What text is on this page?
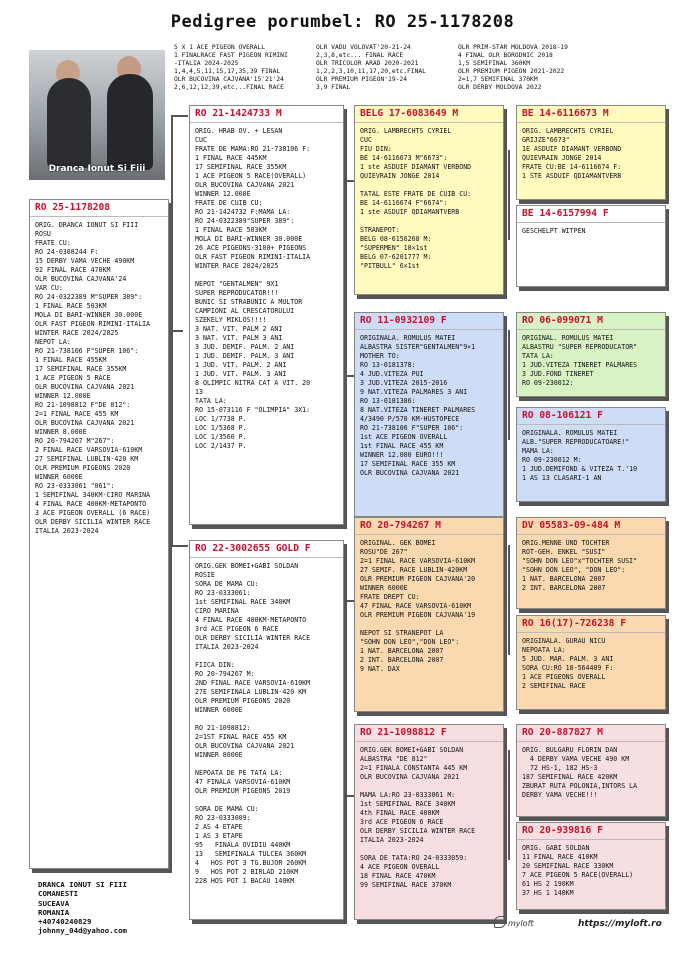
Pedigree porumbel: RO 25-1178208
Dranca Ionut Si Fiii
5 X 1 ACE PIGEON OVERALL
1 FINALRACE FAST PIGEON RIMINI
-ITALIA 2024-2025
1,4,4,5,11,15,17,35,39 FINAL
OLR BUCOVINA CAJVANA'15'21'24
2,6,12,12,39,etc...FINAL RACE
OLR VADU VOLOVAT'20-21-24
2,3,8,etc... FINAL RACE
OLR TRICOLOR ARAD 2020-2021
1,2,2,3,10,11,17,20,etc.FINAL
OLR PREMIUM PIGEON'19-24
3,9 FINAL
OLR PRIM-STAR MOLDOVA 2018-19
4 FINAL OLR BORODNIC 2018
1,5 SEMIFINAL 360KM
OLR PREMIUM PIGEON 2021-2022
2=1,7 SEMIFINAL 370KM
OLR DERBY MOLDOVA 2022
RO 25-1178208
ORIG. DRANCA IONUT SI FIII
ROSU
FRATE CU:
RO 24-0308244 F:
15 DERBY VAMA VECHE 490KM
92 FINAL RACE 470KM
OLR BUCOVINA CAJVANA'24
VAR CU:
RO 24-0322389 M"SUPER 389":
1 FINAL RACE 503KM
MOLA DI BARI-WINNER 30.000E
OLR FAST PIGEON RIMINI-ITALIA
WINTER RACE 2024/2025
NEPOT LA:
RO 21-738106 F"SUPER 106":
1 FINAL RACE 455KM
17 SEMIFINAL RACE 355KM
1 ACE PIGEON 5 RACE
OLR BUCOVINA CAJVANA 2021
WINNER 12.000E
RO 21-1098812 F"DE 812":
2=1 FINAL RACE 455 KM
OLR BUCOVINA CAJVANA 2021
WINNER 8.000E
RO 20-794267 M"267":
2 FINAL RACE VARSOVIA-610KM
27 SEMIFINAL LUBLIN-420 KM
OLR PREMIUM PIGEONS 2020
WINNER 6000E
RO 23-0333061 "061":
1 SEMIFINAL 340KM-CIRO MARINA
4 FINAL RACE 400KM-METAPONTO
3 ACE PIGEON OVERALL (6 RACE)
OLR DERBY SICILIA WINTER RACE
ITALIA 2023-2024
RO 21-1424733 M
ORIG. HRAB OV. + LESAN
CUC
FRATE DE MAMA:RO 21-738106 F:
1 FINAL RACE 445KM
17 SEMIFINAL RACE 355KM
1 ACE PIGEON 5 RACE(OVERALL)
OLR BUCOVINA CAJVANA 2021
WINNER 12.000E
FRATE DE CUIB CU:
RO 21-1424732 F:MAMA LA:
RO 24-0322389"SUPER 389":
1 FINAL RACE 503KM
MOLA DI BARI-WINNER 30.000E
26 ACE PIGEONS-3100+ PIGEONS
OLR FAST PIGEON RIMINI-ITALIA
WINTER RACE 2024/2025

NEPOT "GENTALMEN" 9X1
SUPER REPRODUCATOR!!!
BUNIC SI STRABUNIC A MULTOR
CAMPIONI AL CRESCATORULUI
SZEKELY MIKLOS!!!!
3 NAT. VIT. PALM 2 ANI
3 NAT. VIT. PALM 3 ANI
3 JUD. DEMIF. PALM. 2 ANI
1 JUD. DEMIF. PALM. 3 ANI
1 JUD. VIT. PALM. 2 ANI
1 JUD. VIT. PALM. 3 ANI
8 OLIMPIC NITRA CAT A VIT. 20
13
TATA LA:
RO 15-073116 F "OLIMPIA" 3X1:
LOC 1/7738 P.
LOC 1/5368 P.
LOC 1/3560 P.
LOC 2/1437 P.
RO 22-3002655 GOLD F
ORIG.GEK BOMEI+GABI SOLDAN
ROSIE
SORA DE MAMA CU:
RO 23-0333061:
1st SEMIFINAL RACE 340KM
CIRO MARINA
4 FINAL RACE 400KM-METAPONTO
3rd ACE PIGEON 6 RACE
OLR DERBY SICILIA WINTER RACE
ITALIA 2023-2024

FIICA DIN:
RO 20-794267 M:
2ND FINAL RACE VARSOVIA-610KM
27E SEMIFINALA LUBLIN-420 KM
OLR PREMIUM PIGEONS 2020
WINNER 6000E

RO 21-1098812:
2=1ST FINAL RACE 455 KM
OLR BUCOVINA CAJVANA 2021
WINNER 8000E

NEPOATA DE PE TATA LA:
47 FINALA VARSOVIA-610KM
OLR PREMIUM PIGEONS 2019

SORA DE MAMA CU:
RO 23-0333009:
2 AS 4 ETAPE
1 AS 3 ETAPE
95   FINALA OVIDIU 440KM
13   SEMIFINALA TULCEA 360KM
4   HOS POT 3 TG.BUJOR 260KM
9   HOS POT 2 BIRLAD 210KM
228 HOS POT 1 BACAU 140KM
BELG 17-6083649 M
ORIG. LAMBRECHTS CYRIEL
CUC
FIU DIN:
BE 14-6116673 M"6673":
1 ste ASDUIF DIAMANT VERBOND
QUIEVRAIN JONGE 2014

TATAL ESTE FRATE DE CUIB CU:
BE 14-6116674 F"6674":
1 ste ASDUIF QDIAMANTVERB

STRANEPOT:
BELG 08-6156268 M:
"SUPERMEN" 18×1st
BELG 07-6201777 M:
"PITBULL" 6×1st
RO 11-0932109 F
ORIGINALA. ROMULUS MATEI
ALBASTRA SISTER"GENTALMEN"9×1
MOTHER TO:
RO 13-0181378:
4 JUD.VITEZA PUI
3 JUD.VITEZA 2015-2016
9 NAT.VITEZA PALMARES 3 ANI
RO 13-0181386:
8 NAT.VITEZA TINERET PALMARES
4/3490 P/570 KM-HUSTOPECE
RO 21-738106 F"SUPER 106":
1st ACE PIGEON OVERALL
1st FINAL RACE 455 KM
WINNER 12.000 EURO!!!
17 SEMIFINAL RACE 355 KM
OLR BUCOVINA CAJVANA 2021
RO 20-794267 M
ORIGINAL. GEK BOMEI
ROSU"DE 267"
2=1 FINAL RACE VARSOVIA-610KM
27 SEMIF. RACE LUBLIN-420KM
OLR PREMIUM PIGEON CAJVANA'20
WINNER 6000E
FRATE DREPT CU:
47 FINAL RACE VARSOVIA-610KM
OLR PREMIUM PIGEON CAJVANA'19

NEPOT SI STRANEPOT LA
"SOHN DON LEO","DON LEO":
1 NAT. BARCELONA 2007
2 INT. BARCELONA 2007
9 NAT. DAX
RO 21-1098812 F
ORIG.GEK BOMEI+GABI SOLDAN
ALBASTRA "DE 812"
2=1 FINALA CONSTANTA 445 KM
OLR BUCOVINA CAJVANA 2021

MAMA LA:RO 23-0333061 M:
1st SEMIFINAL RACE 340KM
4th FINAL RACE 400KM
3rd ACE PIGEON 6 RACE
OLR DERBY SICILIA WINTER RACE
ITALIA 2023-2024

SORA DE TATA:RO 24-0333059:
4 ACE PIGEON OVERALL
18 FINAL RACE 470KM
99 SEMIFINAL RACE 370KM
BE 14-6116673 M
ORIG. LAMBRECHTS CYRIEL
GRIJZE"6673"
1E ASDUIF DIAMANT VERBOND
QUIEVRAIN JONGE 2014
FRATE CU:BE 14-6116674 F:
1 STE ASDUIF QDIAMANTVERB
BE 14-6157994 F
GESCHELPT WITPEN
RO 06-099071 M
ORIGINAL. ROMULUS MATEI
ALBASTRU "SUPER REPRODUCATOR"
TATA LA:
1 JUD.VITEZA TINERET PALMARES
3 JUD.FOND TINERET
RO 09-230012:
RO 08-106121 F
ORIGINALA. ROMULUS MATEI
ALB."SUPER REPRODUCATOARE!"
MAMA LA:
RO 09-230012 M:
1 JUD.DEMIFOND & VITEZA T.'10
1 AS 13 CLASARI-1 AN
DV 05583-09-484 M
ORIG.MENNE UND TOCHTER
ROT-GEH. ENKEL "SUSI"
"SOHN DON LEO"x"TOCHTER SUSI"
"SOHN DON LEO", "DON LEO":
1 NAT. BARCELONA 2007
2 INT. BARCELONA 2007
RO 16(17)-726238 F
ORIGINALA. GURAU NICU
NEPOATA LA:
5 JUD. MAR. PALM. 3 ANI
SORA CU:RO 18-564409 F:
1 ACE PIGEONS OVERALL
2 SEMIFINAL RACE
RO 20-887827 M
ORIG. BULGARU FLORIN DAN
4 DERBY VAMA VECHE 490 KM
72 HS-1, 182 HS-3
187 SEMIFINAL RACE 420KM
ZBURAT RUTA POLONIA,INTORS LA
DERBY VAMA VECHE!!!
RO 20-939816 F
ORIG. GABI SOLDAN
11 FINAL RACE 410KM
20 SEMIFINAL RACE 330KM
7 ACE PIGEON 5 RACE(OVERALL)
61 HS 2 190KM
37 HS 1 140KM
DRANCA IONUT SI FIII
COMANESTI
SUCEAVA
ROMANIA
+40740240829
johnny_04d@yahoo.com
myloft	https://myloft.ro
